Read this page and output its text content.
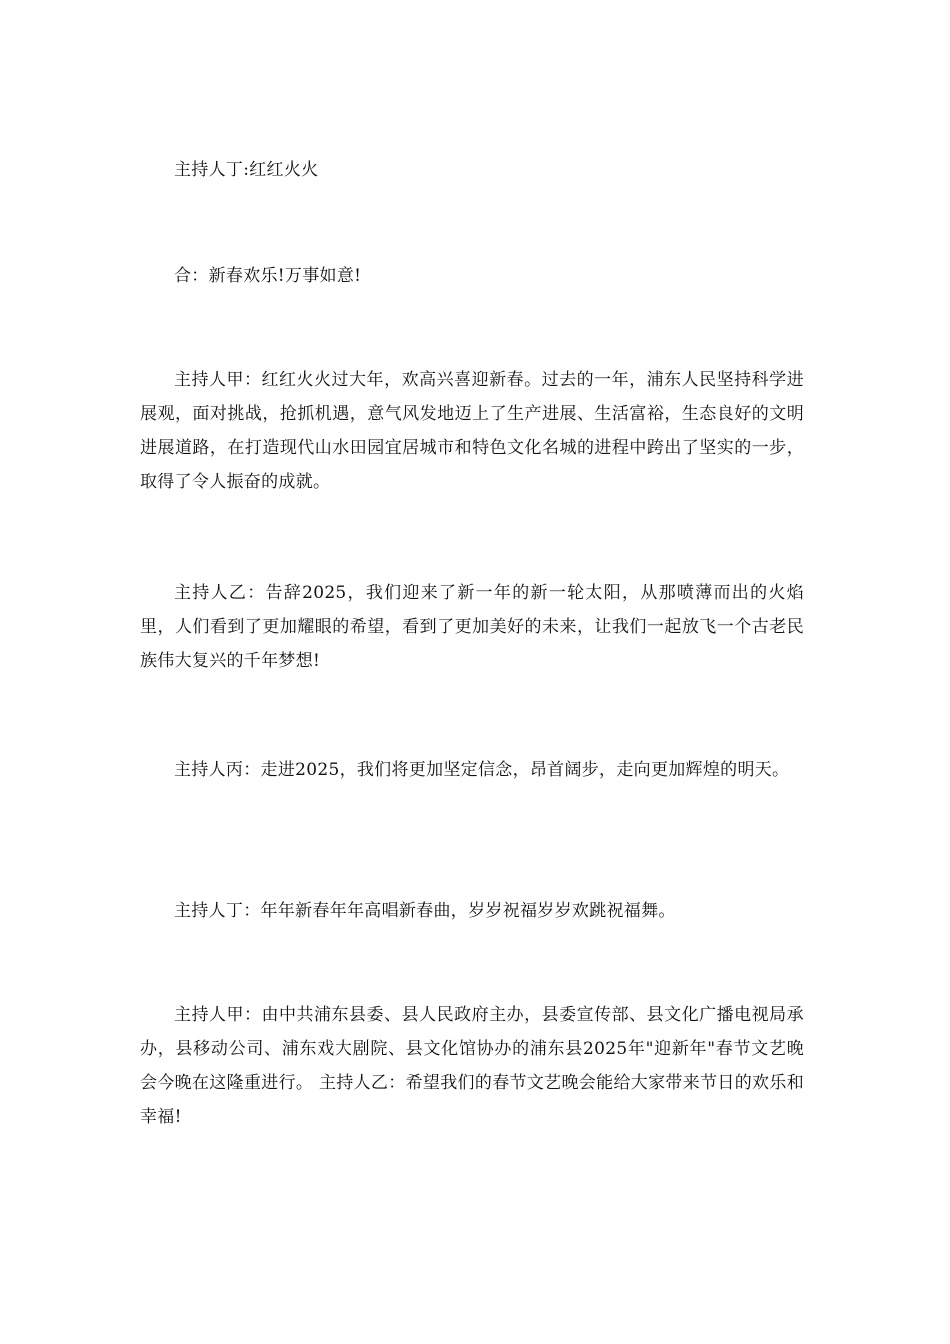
主持人丁:红红火火

合：新春欢乐!万事如意!

主持人甲：红红火火过大年，欢高兴喜迎新春。过去的一年，浦东人民坚持科学进展观，面对挑战，抢抓机遇，意气风发地迈上了生产进展、生活富裕，生态良好的文明进展道路，在打造现代山水田园宜居城市和特色文化名城的进程中跨出了坚实的一步，取得了令人振奋的成就。

主持人乙：告辞2025，我们迎来了新一年的新一轮太阳，从那喷薄而出的火焰里，人们看到了更加耀眼的希望，看到了更加美好的未来，让我们一起放飞一个古老民族伟大复兴的千年梦想!

主持人丙：走进2025，我们将更加坚定信念，昂首阔步，走向更加辉煌的明天。

主持人丁：年年新春年年高唱新春曲，岁岁祝福岁岁欢跳祝福舞。

主持人甲：由中共浦东县委、县人民政府主办，县委宣传部、县文化广播电视局承办，县移动公司、浦东戏大剧院、县文化馆协办的浦东县2025年"迎新年"春节文艺晚会今晚在这隆重进行。 主持人乙：希望我们的春节文艺晚会能给大家带来节日的欢乐和幸福!
